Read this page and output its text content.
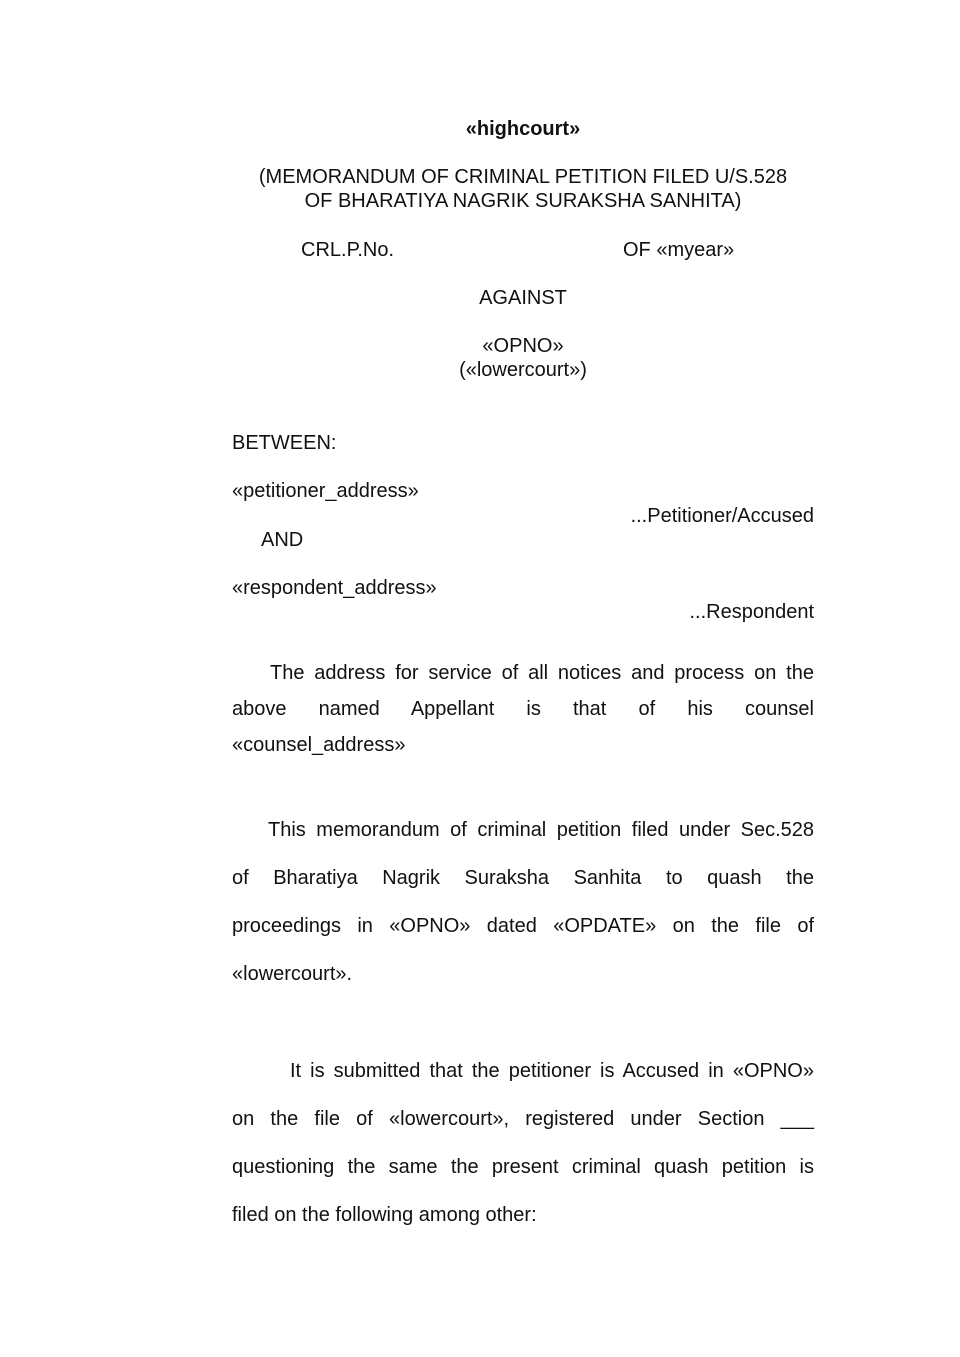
«highcourt»
(MEMORANDUM OF CRIMINAL PETITION FILED U/S.528
OF BHARATIYA NAGRIK SURAKSHA SANHITA)
CRL.P.No.	OF «myear»
AGAINST
«OPNO»
(«lowercourt»)
BETWEEN:
«petitioner_address»
...Petitioner/Accused
AND
«respondent_address»
...Respondent
The address for service of all notices and process on the
above named Appellant is that of his counsel
«counsel_address»
This memorandum of criminal petition filed under Sec.528
of Bharatiya Nagrik Suraksha Sanhita to quash the
proceedings in «OPNO» dated «OPDATE» on the file of
«lowercourt».
It is submitted that the petitioner is Accused in «OPNO»
on the file of «lowercourt», registered under Section ___
questioning the same the present criminal quash petition is
filed on the following among other:
